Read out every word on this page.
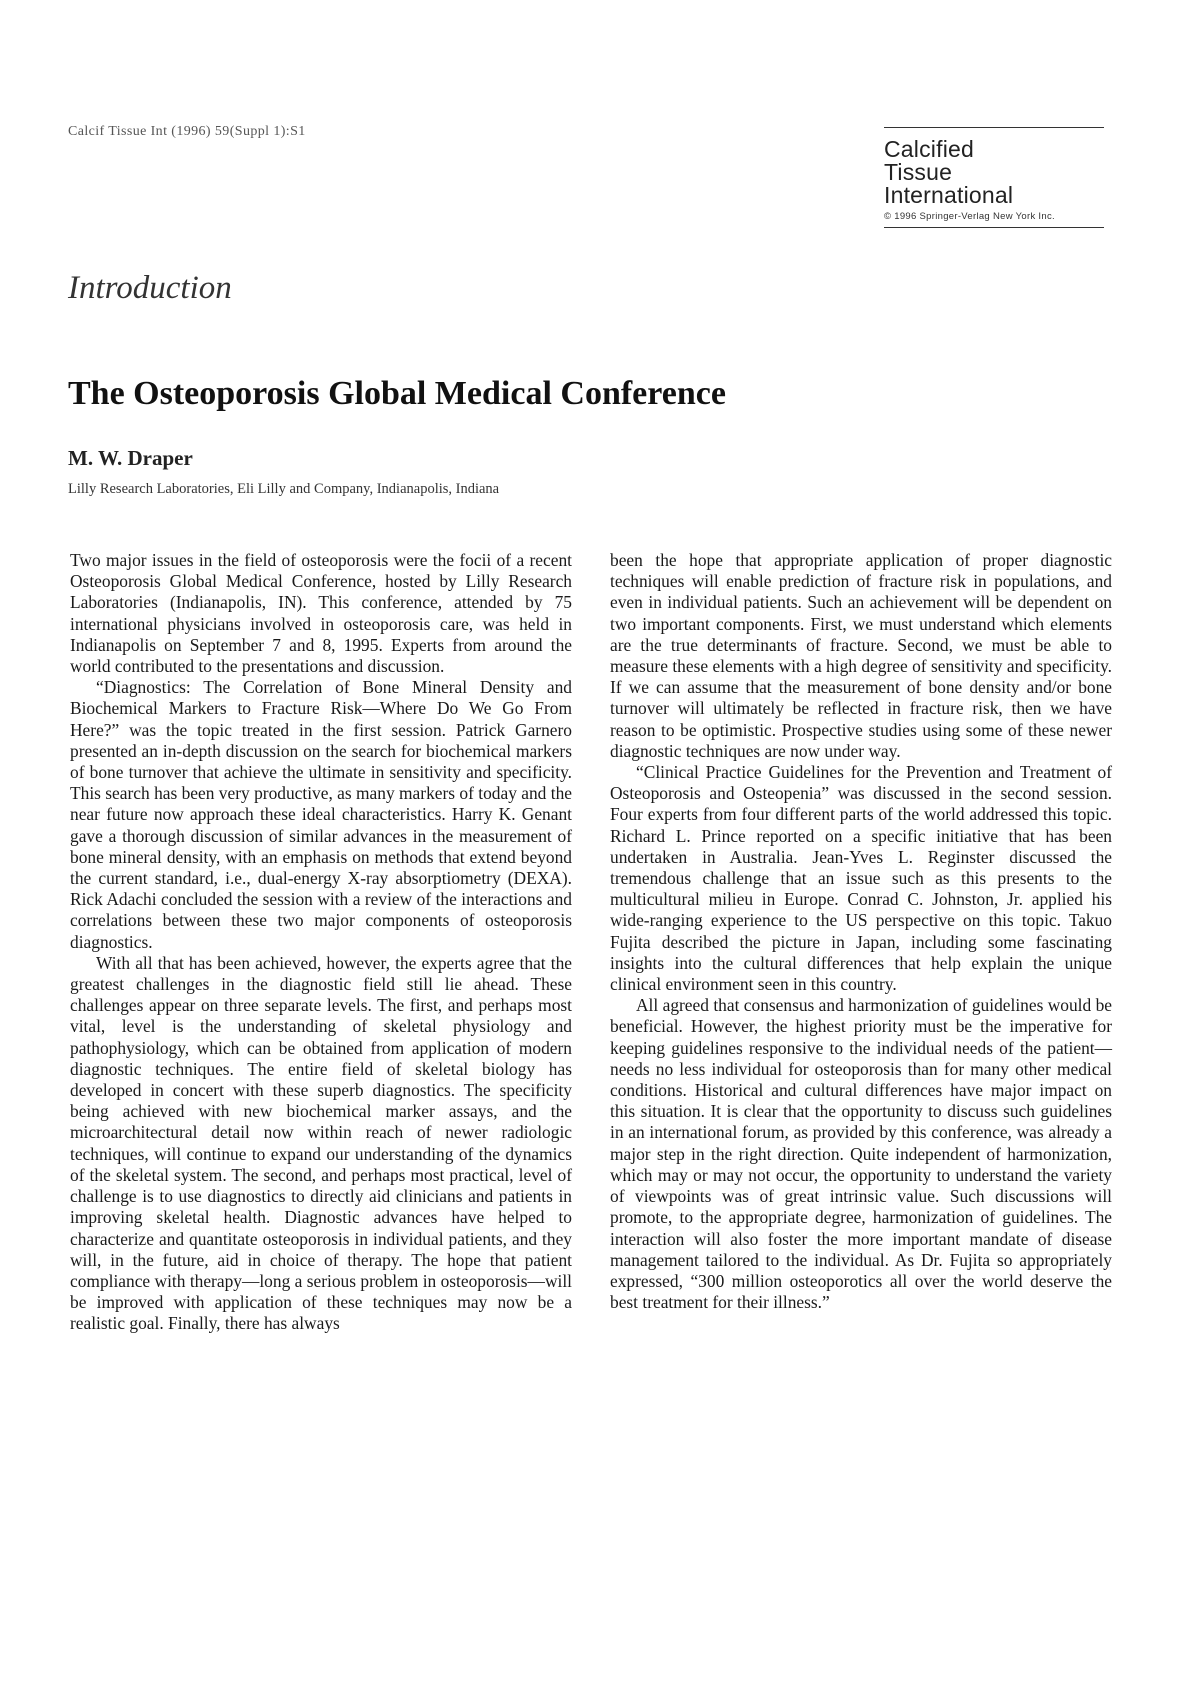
Calcif Tissue Int (1996) 59(Suppl 1):S1
Calcified
Tissue
International
© 1996 Springer-Verlag New York Inc.
Introduction
The Osteoporosis Global Medical Conference
M. W. Draper
Lilly Research Laboratories, Eli Lilly and Company, Indianapolis, Indiana

Two major issues in the field of osteoporosis were the focii of a recent Osteoporosis Global Medical Conference, hosted by Lilly Research Laboratories (Indianapolis, IN). This conference, attended by 75 international physicians involved in osteoporosis care, was held in Indianapolis on September 7 and 8, 1995. Experts from around the world contributed to the presentations and discussion.

“Diagnostics: The Correlation of Bone Mineral Density and Biochemical Markers to Fracture Risk—Where Do We Go From Here?” was the topic treated in the first session. Patrick Garnero presented an in-depth discussion on the search for biochemical markers of bone turnover that achieve the ultimate in sensitivity and specificity. This search has been very productive, as many markers of today and the near future now approach these ideal characteristics. Harry K. Genant gave a thorough discussion of similar advances in the measurement of bone mineral density, with an emphasis on methods that extend beyond the current standard, i.e., dual-energy X-ray absorptiometry (DEXA). Rick Adachi concluded the session with a review of the interactions and correlations between these two major components of osteoporosis diagnostics.

With all that has been achieved, however, the experts agree that the greatest challenges in the diagnostic field still lie ahead. These challenges appear on three separate levels. The first, and perhaps most vital, level is the understanding of skeletal physiology and pathophysiology, which can be obtained from application of modern diagnostic techniques. The entire field of skeletal biology has developed in concert with these superb diagnostics. The specificity being achieved with new biochemical marker assays, and the microarchitectural detail now within reach of newer radiologic techniques, will continue to expand our understanding of the dynamics of the skeletal system. The second, and perhaps most practical, level of challenge is to use diagnostics to directly aid clinicians and patients in improving skeletal health. Diagnostic advances have helped to characterize and quantitate osteoporosis in individual patients, and they will, in the future, aid in choice of therapy. The hope that patient compliance with therapy—long a serious problem in osteoporosis—will be improved with application of these techniques may now be a realistic goal. Finally, there has always

been the hope that appropriate application of proper diagnostic techniques will enable prediction of fracture risk in populations, and even in individual patients. Such an achievement will be dependent on two important components. First, we must understand which elements are the true determinants of fracture. Second, we must be able to measure these elements with a high degree of sensitivity and specificity. If we can assume that the measurement of bone density and/or bone turnover will ultimately be reflected in fracture risk, then we have reason to be optimistic. Prospective studies using some of these newer diagnostic techniques are now under way.

“Clinical Practice Guidelines for the Prevention and Treatment of Osteoporosis and Osteopenia” was discussed in the second session. Four experts from four different parts of the world addressed this topic. Richard L. Prince reported on a specific initiative that has been undertaken in Australia. Jean-Yves L. Reginster discussed the tremendous challenge that an issue such as this presents to the multicultural milieu in Europe. Conrad C. Johnston, Jr. applied his wide-ranging experience to the US perspective on this topic. Takuo Fujita described the picture in Japan, including some fascinating insights into the cultural differences that help explain the unique clinical environment seen in this country.

All agreed that consensus and harmonization of guidelines would be beneficial. However, the highest priority must be the imperative for keeping guidelines responsive to the individual needs of the patient—needs no less individual for osteoporosis than for many other medical conditions. Historical and cultural differences have major impact on this situation. It is clear that the opportunity to discuss such guidelines in an international forum, as provided by this conference, was already a major step in the right direction. Quite independent of harmonization, which may or may not occur, the opportunity to understand the variety of viewpoints was of great intrinsic value. Such discussions will promote, to the appropriate degree, harmonization of guidelines. The interaction will also foster the more important mandate of disease management tailored to the individual. As Dr. Fujita so appropriately expressed, “300 million osteoporotics all over the world deserve the best treatment for their illness.”
